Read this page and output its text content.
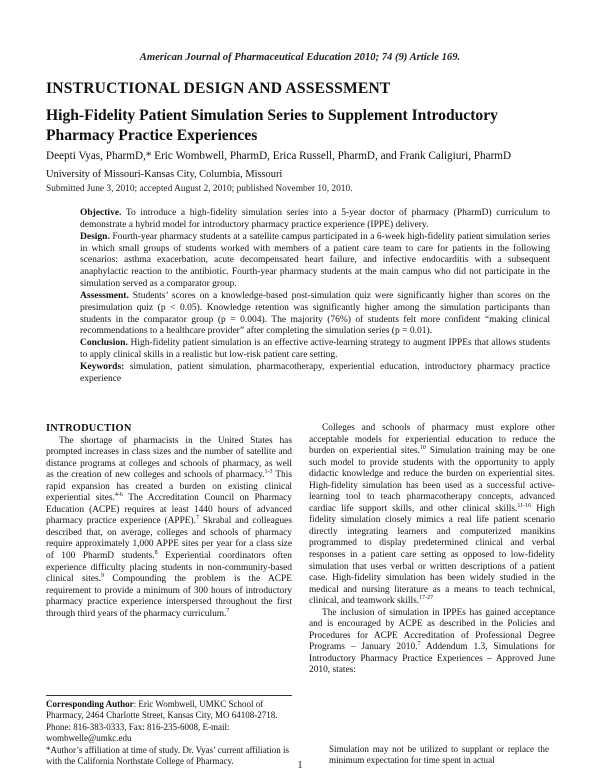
American Journal of Pharmaceutical Education 2010; 74 (9) Article 169.
INSTRUCTIONAL DESIGN AND ASSESSMENT
High-Fidelity Patient Simulation Series to Supplement Introductory Pharmacy Practice Experiences
Deepti Vyas, PharmD,* Eric Wombwell, PharmD, Erica Russell, PharmD, and Frank Caligiuri, PharmD
University of Missouri-Kansas City, Columbia, Missouri
Submitted June 3, 2010; accepted August 2, 2010; published November 10, 2010.

Objective. To introduce a high-fidelity simulation series into a 5-year doctor of pharmacy (PharmD) curriculum to demonstrate a hybrid model for introductory pharmacy practice experience (IPPE) delivery.

Design. Fourth-year pharmacy students at a satellite campus participated in a 6-week high-fidelity patient simulation series in which small groups of students worked with members of a patient care team to care for patients in the following scenarios: asthma exacerbation, acute decompensated heart failure, and infective endocarditis with a subsequent anaphylactic reaction to the antibiotic. Fourth-year pharmacy students at the main campus who did not participate in the simulation served as a comparator group.

Assessment. Students’ scores on a knowledge-based post-simulation quiz were significantly higher than scores on the presimulation quiz (p < 0.05). Knowledge retention was significantly higher among the simulation participants than students in the comparator group (p = 0.004). The majority (76%) of students felt more confident “making clinical recommendations to a healthcare provider” after completing the simulation series (p = 0.01).

Conclusion. High-fidelity patient simulation is an effective active-learning strategy to augment IPPEs that allows students to apply clinical skills in a realistic but low-risk patient care setting.

Keywords: simulation, patient simulation, pharmacotherapy, experiential education, introductory pharmacy practice experience

INTRODUCTION

The shortage of pharmacists in the United States has prompted increases in class sizes and the number of satellite and distance programs at colleges and schools of pharmacy, as well as the creation of new colleges and schools of pharmacy.$^{1-3}$ This rapid expansion has created a burden on existing clinical experiential sites.$^{4-6}$ The Accreditation Council on Pharmacy Education (ACPE) requires at least 1440 hours of advanced pharmacy practice experience (APPE).$^7$ Skrabal and colleagues described that, on average, colleges and schools of pharmacy require approximately 1,000 APPE sites per year for a class size of 100 PharmD students.$^8$ Experiential coordinators often experience difficulty placing students in non-community-based clinical sites.$^9$ Compounding the problem is the ACPE requirement to provide a minimum of 300 hours of introductory pharmacy practice experience interspersed throughout the first through third years of the pharmacy curriculum.$^7$

Corresponding Author: Eric Wombwell, UMKC School of Pharmacy, 2464 Charlotte Street, Kansas City, MO 64108-2718. Phone: 816-383-0333, Fax: 816-235-6008, E-mail: wombwelle@umkc.edu

*Author’s affiliation at time of study. Dr. Vyas’ current affiliation is with the California Northstate College of Pharmacy.

Colleges and schools of pharmacy must explore other acceptable models for experiential education to reduce the burden on experiential sites.$^{10}$ Simulation training may be one such model to provide students with the opportunity to apply didactic knowledge and reduce the burden on experiential sites. High-fidelity simulation has been used as a successful active-learning tool to teach pharmacotherapy concepts, advanced cardiac life support skills, and other clinical skills.$^{11-16}$ High fidelity simulation closely mimics a real life patient scenario directly integrating learners and computerized manikins programmed to display predetermined clinical and verbal responses in a patient care setting as opposed to low-fidelity simulation that uses verbal or written descriptions of a patient case. High-fidelity simulation has been widely studied in the medical and nursing literature as a means to teach technical, clinical, and teamwork skills.$^{17-27}$

The inclusion of simulation in IPPEs has gained acceptance and is encouraged by ACPE as described in the Policies and Procedures for ACPE Accreditation of Professional Degree Programs – January 2010.$^7$ Addendum 1.3, Simulations for Introductory Pharmacy Practice Experiences – Approved June 2010, states:

Simulation may not be utilized to supplant or replace the minimum expectation for time spent in actual

1
